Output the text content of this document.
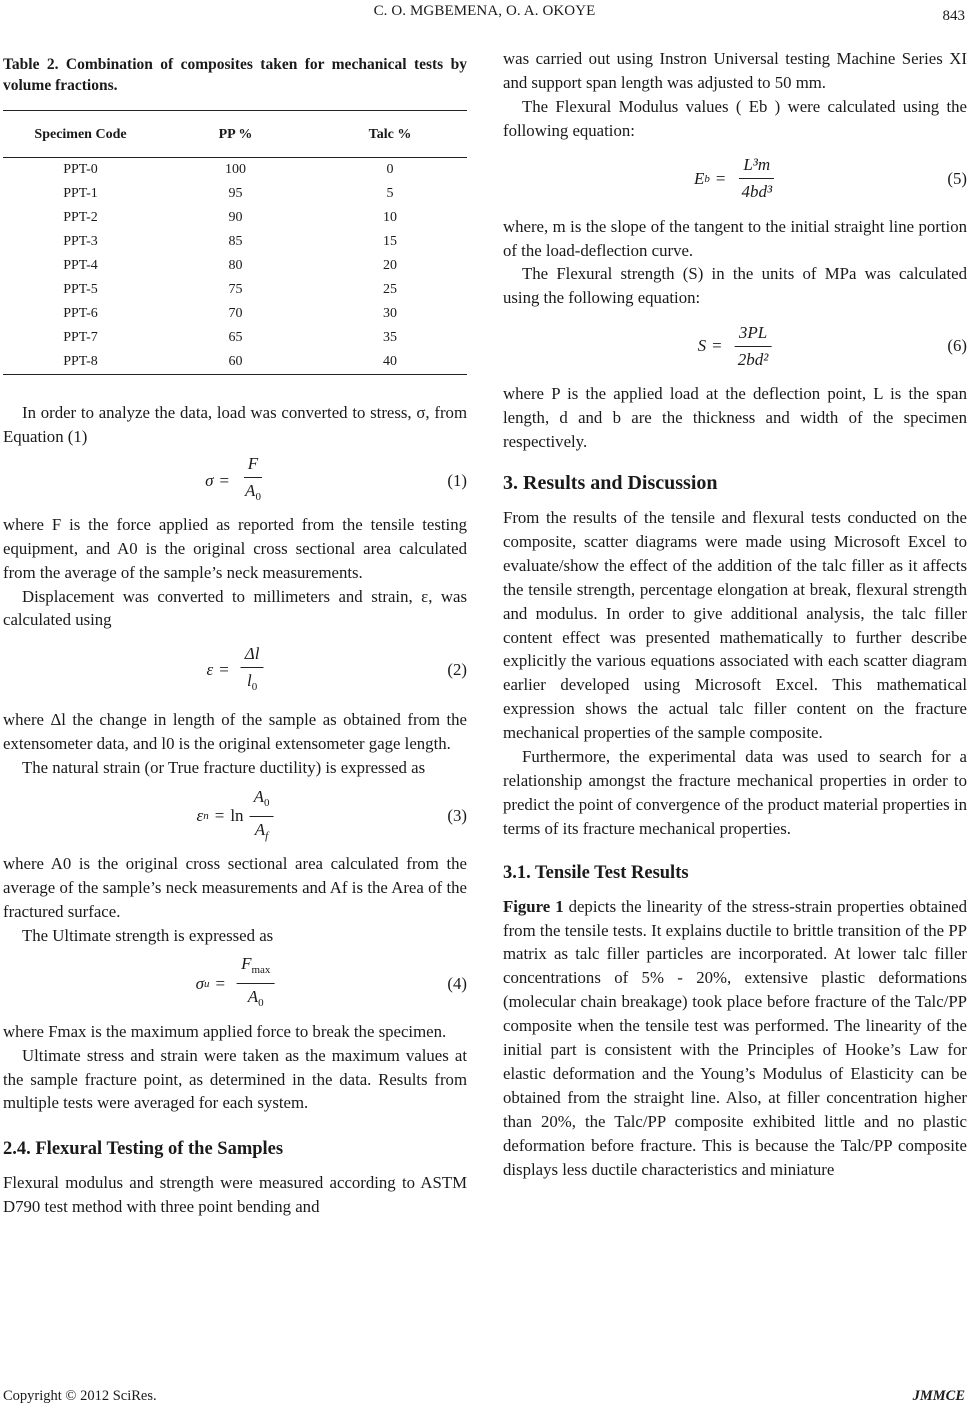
C. O. MGBEMENA, O. A. OKOYE	843
Table 2. Combination of composites taken for mechanical tests by volume fractions.
Specimen Code	PP %	Talc %
PPT-0	100	0
PPT-1	95	5
PPT-2	90	10
PPT-3	85	15
PPT-4	80	20
PPT-5	75	25
PPT-6	70	30
PPT-7	65	35
PPT-8	60	40

In order to analyze the data, load was converted to stress, σ, from Equation (1)

$\sigma = \frac{F}{A_0}$	(1)

where F is the force applied as reported from the tensile testing equipment, and A0 is the original cross sectional area calculated from the average of the sample’s neck measurements.

Displacement was converted to millimeters and strain, ε, was calculated using

$\varepsilon = \frac{\Delta l}{l_0}$	(2)

where Δl the change in length of the sample as obtained from the extensometer data, and l0 is the original extensometer gage length.

The natural strain (or True fracture ductility) is expressed as

ε $n = \ln \frac{A_0}{A_f}$	(3)

where A0 is the original cross sectional area calculated from the average of the sample’s neck measurements and Af is the Area of the fractured surface.

The Ultimate strength is expressed as

σ $u = \frac{F_{max}}{A_0}$	(4)

where Fmax is the maximum applied force to break the specimen.

Ultimate stress and strain were taken as the maximum values at the sample fracture point, as determined in the data. Results from multiple tests were averaged for each system.

2.4. Flexural Testing of the Samples

Flexural modulus and strength were measured according to ASTM D790 test method with three point bending and

was carried out using Instron Universal testing Machine Series XI and support span length was adjusted to 50 mm.

The Flexural Modulus values ( Eb ) were calculated using the following equation:

E $b = \frac{\text{L³m}}{\text{4bd³}}$	(5)

where, m is the slope of the tangent to the initial straight line portion of the load-deflection curve.

The Flexural strength (S) in the units of MPa was calculated using the following equation:

$S = \frac{3PL}{\text{2bd²}}$	(6)

where P is the applied load at the deflection point, L is the span length, d and b are the thickness and width of the specimen respectively.

3. Results and Discussion

From the results of the tensile and flexural tests conducted on the composite, scatter diagrams were made using Microsoft Excel to evaluate/show the effect of the addition of the talc filler as it affects the tensile strength, percentage elongation at break, flexural strength and modulus. In order to give additional analysis, the talc filler content effect was presented mathematically to further describe explicitly the various equations associated with each scatter diagram earlier developed using Microsoft Excel. This mathematical expression shows the actual talc filler content on the fracture mechanical properties of the sample composite.

Furthermore, the experimental data was used to search for a relationship amongst the fracture mechanical properties in order to predict the point of convergence of the product material properties in terms of its fracture mechanical properties.

3.1. Tensile Test Results

Figure 1 depicts the linearity of the stress-strain properties obtained from the tensile tests. It explains ductile to brittle transition of the PP matrix as talc filler particles are incorporated. At lower talc filler concentrations of 5% - 20%, extensive plastic deformations (molecular chain breakage) took place before fracture of the Talc/PP composite when the tensile test was performed. The linearity of the initial part is consistent with the Principles of Hooke’s Law for elastic deformation and the Young’s Modulus of Elasticity can be obtained from the straight line. Also, at filler concentration higher than 20%, the Talc/PP composite exhibited little and no plastic deformation before fracture. This is because the Talc/PP composite displays less ductile characteristics and miniature

Copyright © 2012 SciRes.	JMMCE
